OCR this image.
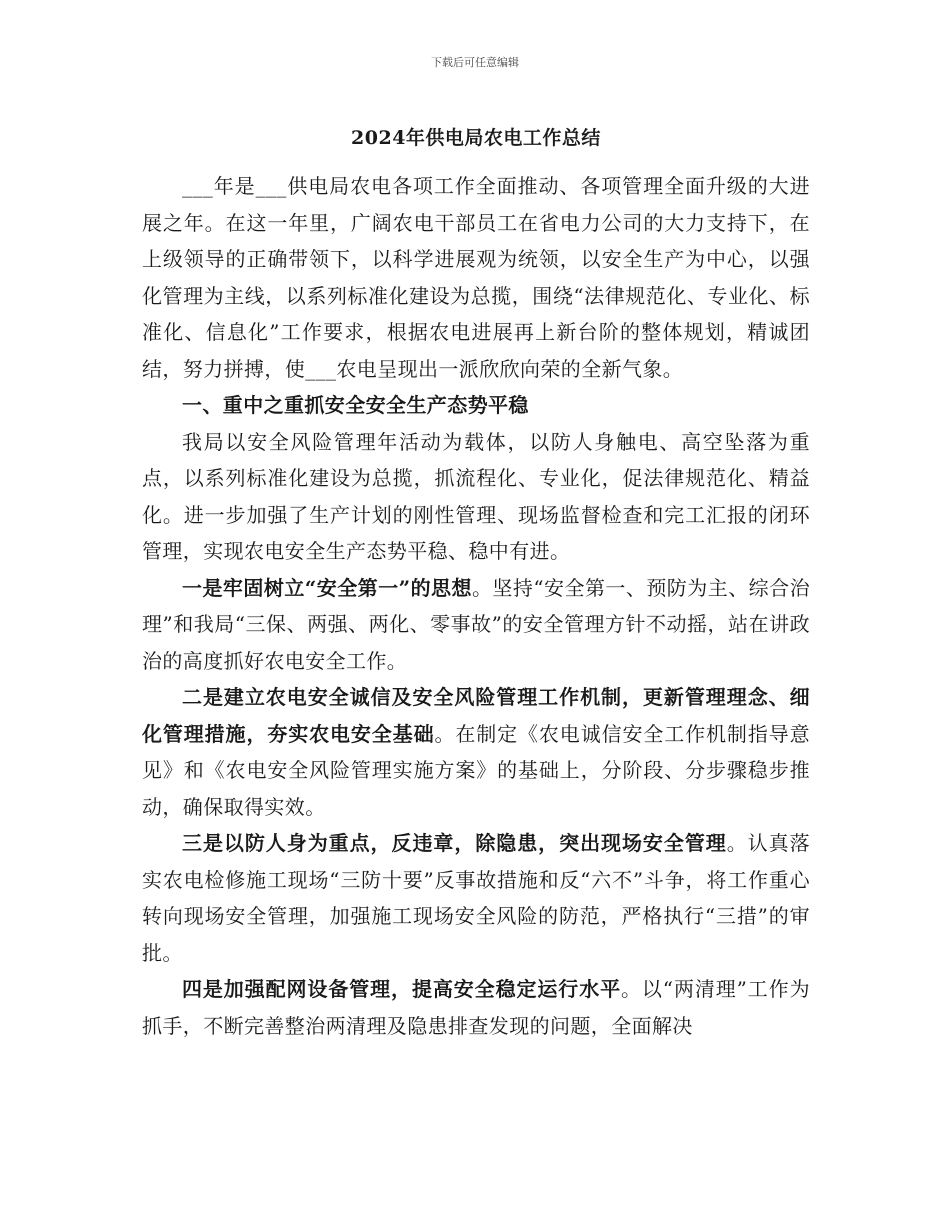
下载后可任意编辑
2024年供电局农电工作总结

___年是___供电局农电各项工作全面推动、各项管理全面升级的大进展之年。在这一年里，广阔农电干部员工在省电力公司的大力支持下，在上级领导的正确带领下，以科学进展观为统领，以安全生产为中心，以强化管理为主线，以系列标准化建设为总揽，围绕“法律规范化、专业化、标准化、信息化”工作要求，根据农电进展再上新台阶的整体规划，精诚团结，努力拼搏，使___农电呈现出一派欣欣向荣的全新气象。

一、重中之重抓安全安全生产态势平稳

我局以安全风险管理年活动为载体，以防人身触电、高空坠落为重点，以系列标准化建设为总揽，抓流程化、专业化，促法律规范化、精益化。进一步加强了生产计划的刚性管理、现场监督检查和完工汇报的闭环管理，实现农电安全生产态势平稳、稳中有进。

一是牢固树立“安全第一”的思想。坚持“安全第一、预防为主、综合治理”和我局“三保、两强、两化、零事故”的安全管理方针不动摇，站在讲政治的高度抓好农电安全工作。

二是建立农电安全诚信及安全风险管理工作机制，更新管理理念、细化管理措施，夯实农电安全基础。在制定《农电诚信安全工作机制指导意见》和《农电安全风险管理实施方案》的基础上，分阶段、分步骤稳步推动，确保取得实效。

三是以防人身为重点，反违章，除隐患，突出现场安全管理。认真落实农电检修施工现场“三防十要”反事故措施和反“六不”斗争，将工作重心转向现场安全管理，加强施工现场安全风险的防范，严格执行“三措”的审批。

四是加强配网设备管理，提高安全稳定运行水平。以“两清理”工作为抓手，不断完善整治两清理及隐患排查发现的问题，全面解决
